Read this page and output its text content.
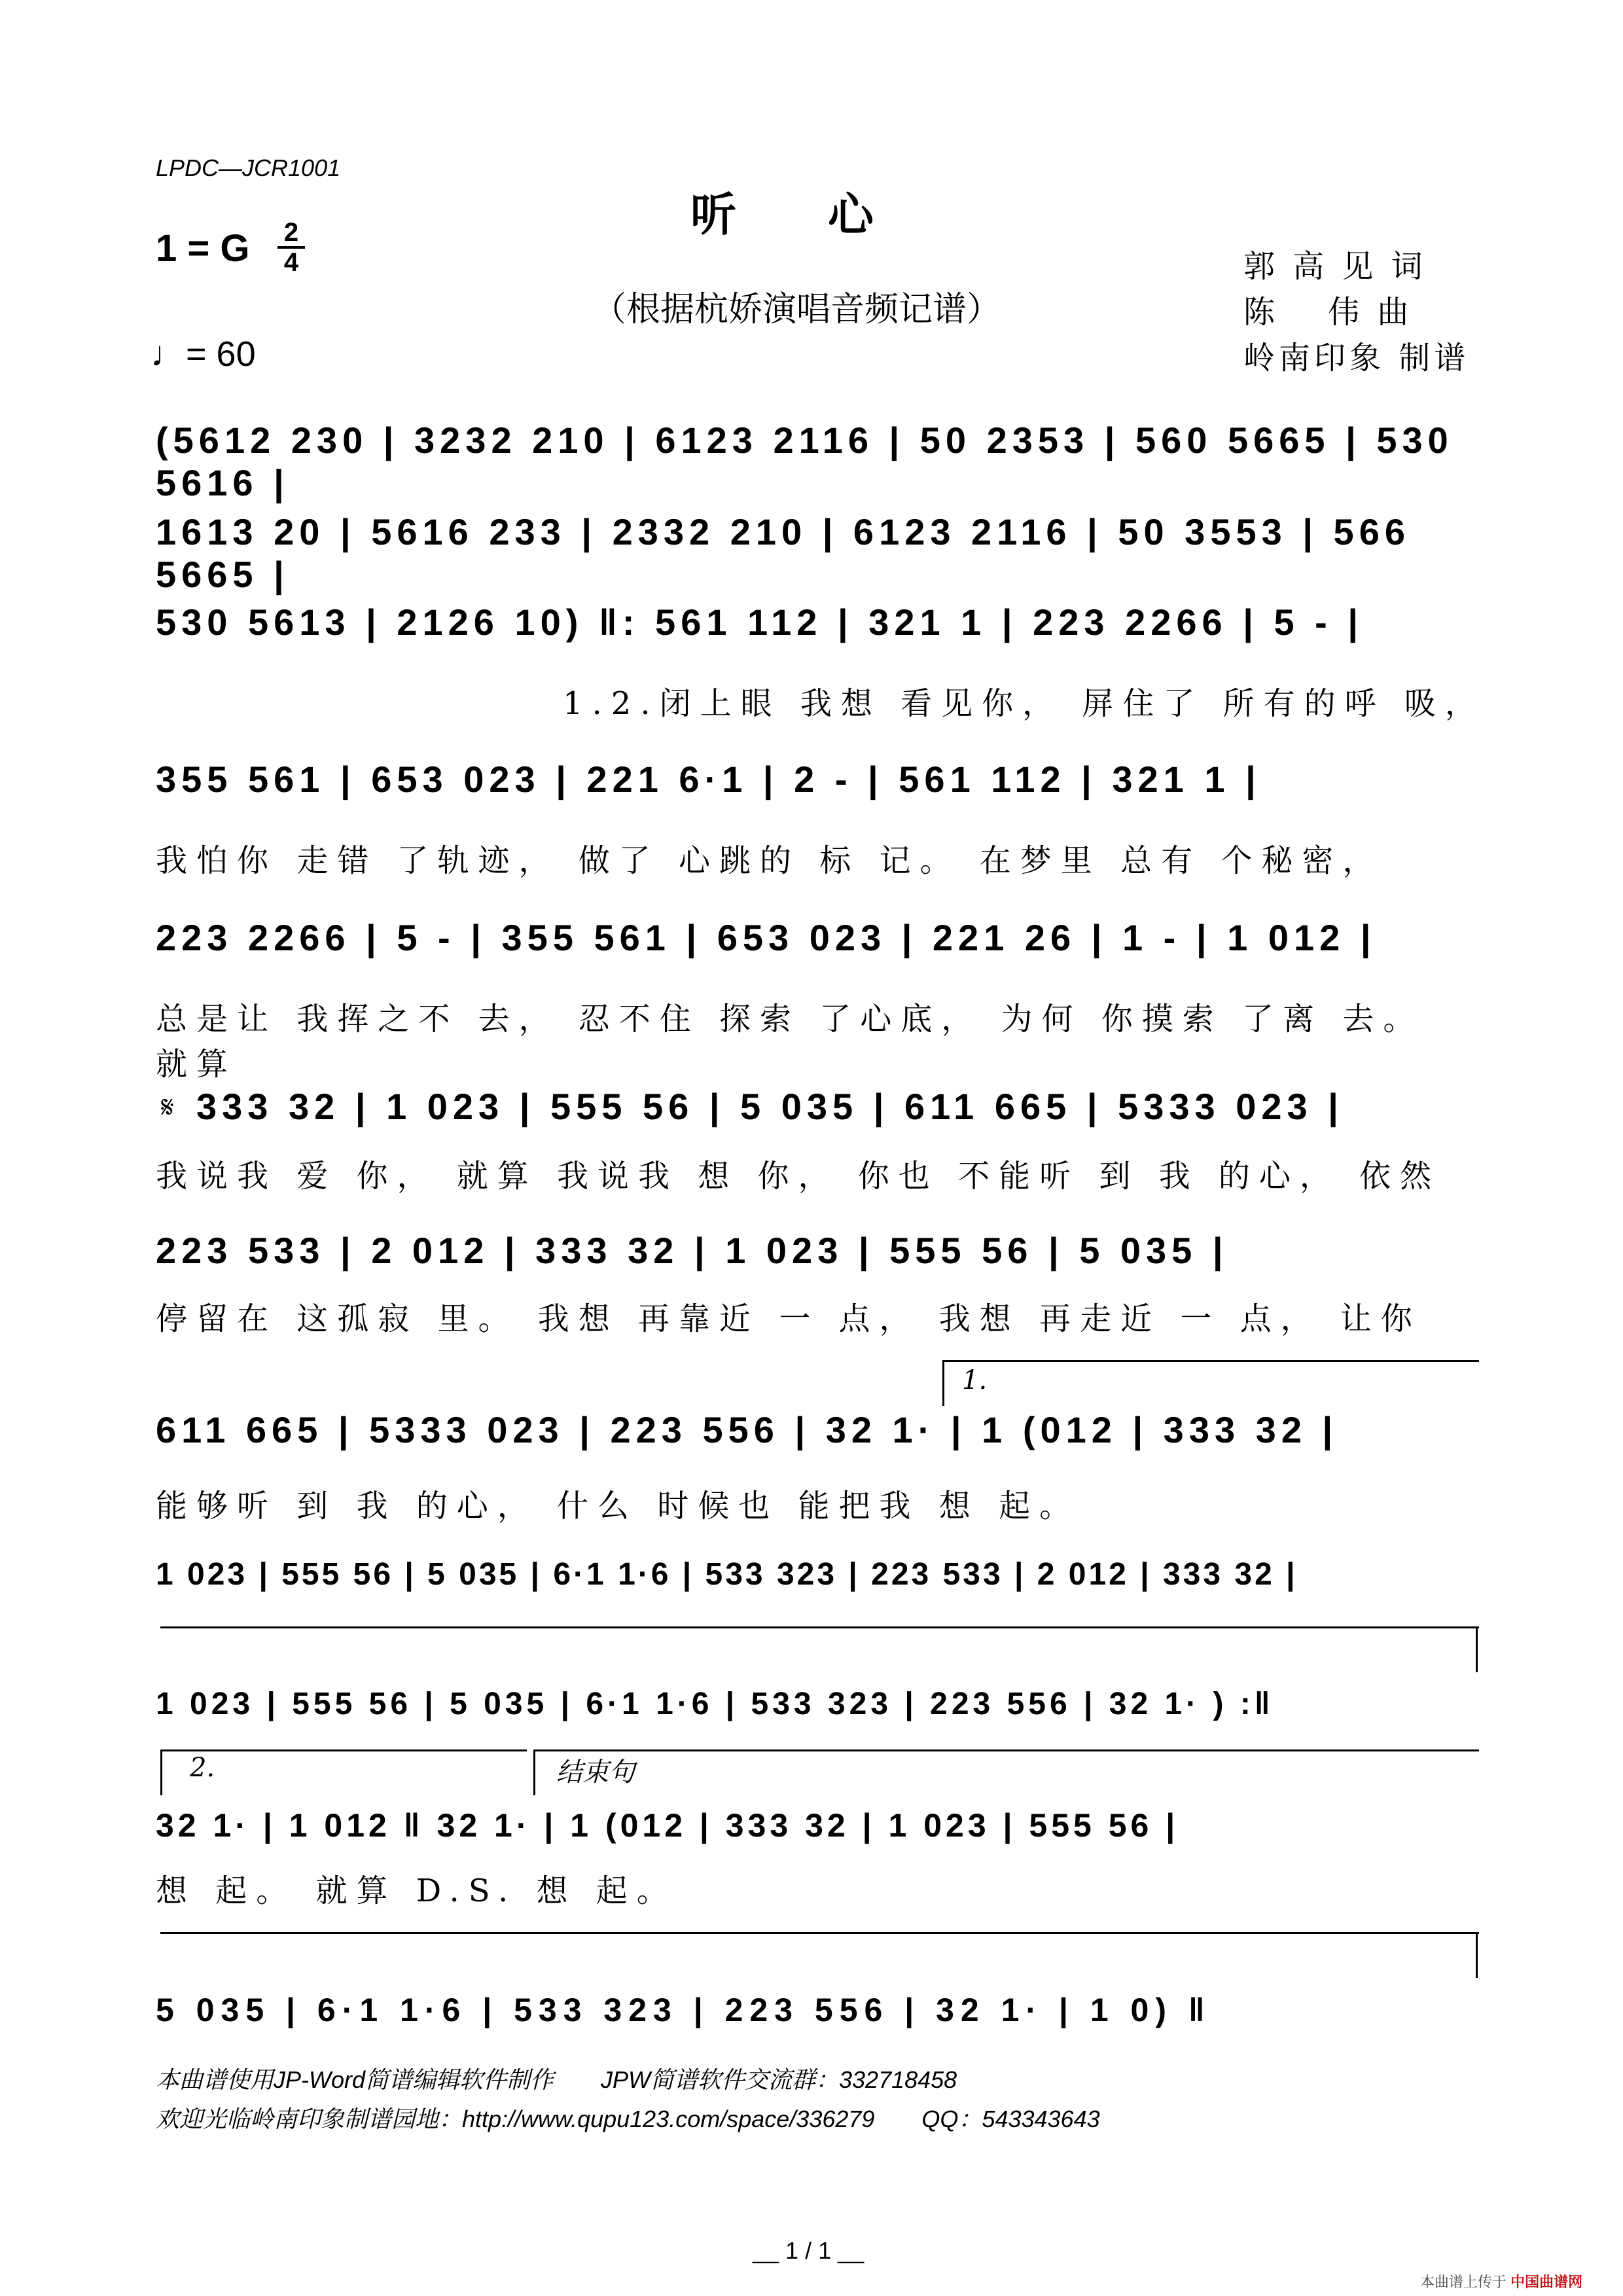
LPDC—JCR1001
听心
（根据杭娇演唱音频记谱）
1 = G	2
4
♩= 60
郭 高 见 词
陈 　伟 曲
岭南印象 制谱
𝄋
1.
2.	结束句
(5612 230 | 3232 210 | 6123 2116 | 50 2353 | 560 5665 | 530 5616 |
1613 20 | 5616 233 | 2332 210 | 6123 2116 | 50 3553 | 566 5665 |
530 5613 | 2126 10) ‖: 561 112 | 321 1 | 223 2266 | 5 - |
1.2.闭上眼 我想 看见你， 屏住了 所有的呼 吸，
355 561 | 653 023 | 221 6·1 | 2 - | 561 112 | 321 1 |
我怕你 走错 了轨迹， 做了 心跳的 标 记。 在梦里 总有 个秘密，
223 2266 | 5 - | 355 561 | 653 023 | 221 26 | 1 - | 1 012 |
总是让 我挥之不 去， 忍不住 探索 了心底， 为何 你摸索 了离 去。 就算
333 32 | 1 023 | 555 56 | 5 035 | 611 665 | 5333 023 |
我说我 爱 你， 就算 我说我 想 你， 你也 不能听 到 我 的心， 依然
223 533 | 2 012 | 333 32 | 1 023 | 555 56 | 5 035 |
停留在 这孤寂 里。 我想 再靠近 一 点， 我想 再走近 一 点， 让你
611 665 | 5333 023 | 223 556 | 32 1· | 1 (012 | 333 32 |
能够听 到 我 的心， 什么 时候也 能把我 想 起。
1 023 | 555 56 | 5 035 | 6·1 1·6 | 533 323 | 223 533 | 2 012 | 333 32 |
1 023 | 555 56 | 5 035 | 6·1 1·6 | 533 323 | 223 556 | 32 1· ) :‖
32 1· | 1 012 ‖ 32 1· | 1 (012 | 333 32 | 1 023 | 555 56 |
想 起。 就算 D.S. 想 起。
5 035 | 6·1 1·6 | 533 323 | 223 556 | 32 1· | 1 0) ‖
本曲谱使用JP-Word简谱编辑软件制作　　JPW简谱软件交流群：332718458
欢迎光临岭南印象制谱园地：http://www.qupu123.com/space/336279　　QQ：543343643
__ 1 / 1 __
本曲谱上传于 中国曲谱网
